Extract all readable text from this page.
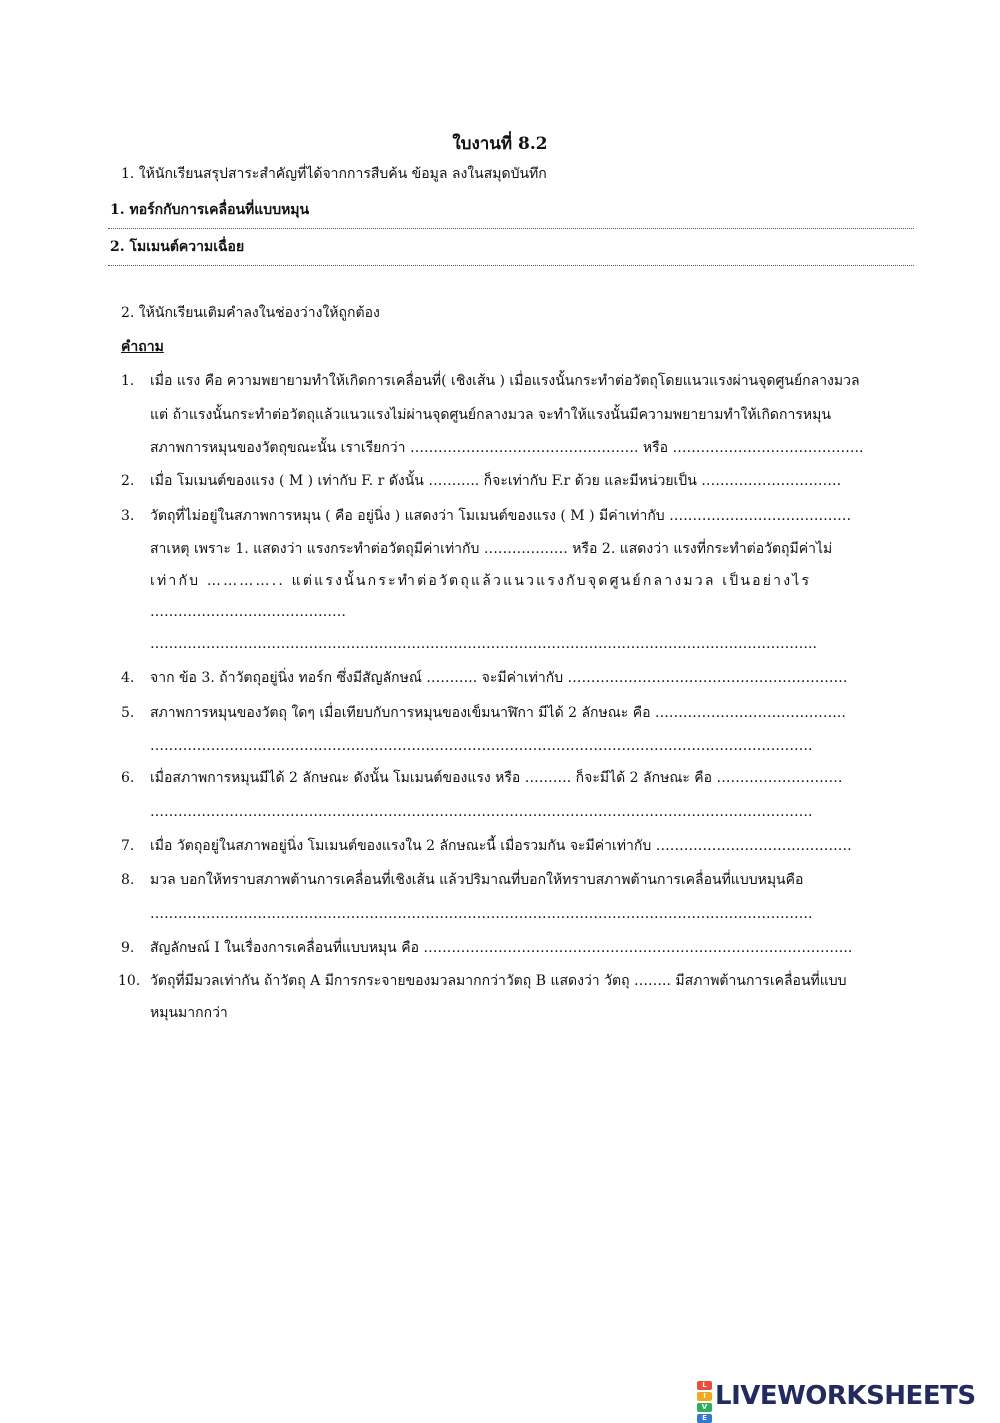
ใบงานที่ 8.2
1. ให้นักเรียนสรุปสาระสำคัญที่ได้จากการสืบค้น ข้อมูล ลงในสมุดบันทึก
1. ทอร์กกับการเคลื่อนที่แบบหมุน
2. โมเมนต์ความเฉื่อย
2. ให้นักเรียนเติมคำลงในช่องว่างให้ถูกต้อง
คำถาม
1. เมื่อ แรง คือ ความพยายามทำให้เกิดการเคลื่อนที่( เชิงเส้น ) เมื่อแรงนั้นกระทำต่อวัตถุโดยแนวแรงผ่านจุดศูนย์กลางมวล
แต่ ถ้าแรงนั้นกระทำต่อวัตถุแล้วแนวแรงไม่ผ่านจุดศูนย์กลางมวล จะทำให้แรงนั้นมีความพยายามทำให้เกิดการหมุน
สภาพการหมุนของวัตถุขณะนั้น เราเรียกว่า …………………………………………. หรือ …………………………………..
2. เมื่อ โมเมนต์ของแรง ( M ) เท่ากับ F. r ดังนั้น ……….. ก็จะเท่ากับ F.r ด้วย และมีหน่วยเป็น …………………………
3. วัตถุที่ไม่อยู่ในสภาพการหมุน ( คือ อยู่นิ่ง ) แสดงว่า โมเมนต์ของแรง ( M ) มีค่าเท่ากับ …………………………………
สาเหตุ เพราะ 1. แสดงว่า แรงกระทำต่อวัตถุมีค่าเท่ากับ ……………… หรือ 2. แสดงว่า แรงที่กระทำต่อวัตถุมีค่าไม่
เท่ากับ ………….. แต่แรงนั้นกระทำต่อวัตถุแล้วแนวแรงกับจุดศูนย์กลางมวล เป็นอย่างไร
……………………………………
……………………………………………………………………………………………………………………………..
4. จาก ข้อ 3. ถ้าวัตถุอยู่นิ่ง ทอร์ก ซึ่งมีสัญลักษณ์ ……….. จะมีค่าเท่ากับ ……………………………………………………
5. สภาพการหมุนของวัตถุ ใดๆ เมื่อเทียบกับการหมุนของเข็มนาฬิกา มีได้ 2 ลักษณะ คือ …………………………………..
…………………………………………………………………………………………………………………………….
6. เมื่อสภาพการหมุนมีได้ 2 ลักษณะ ดังนั้น โมเมนต์ของแรง หรือ ………. ก็จะมีได้ 2 ลักษณะ คือ ………………………
…………………………………………………………………………………………………………………………….
7. เมื่อ วัตถุอยู่ในสภาพอยู่นิ่ง โมเมนต์ของแรงใน 2 ลักษณะนี้ เมื่อรวมกัน จะมีค่าเท่ากับ ……………………………………
8. มวล บอกให้ทราบสภาพต้านการเคลื่อนที่เชิงเส้น แล้วปริมาณที่บอกให้ทราบสภาพต้านการเคลื่อนที่แบบหมุนคือ
…………………………………………………………………………………………………………………………….
9. สัญลักษณ์ I ในเรื่องการเคลื่อนที่แบบหมุน คือ ………………………………………………………………………………..
10. วัตถุที่มีมวลเท่ากัน ถ้าวัตถุ A มีการกระจายของมวลมากกว่าวัตถุ B แสดงว่า วัตถุ …….. มีสภาพต้านการเคลื่อนที่แบบ
หมุนมากกว่า
L
I
V
E
LIVEWORKSHEETS
